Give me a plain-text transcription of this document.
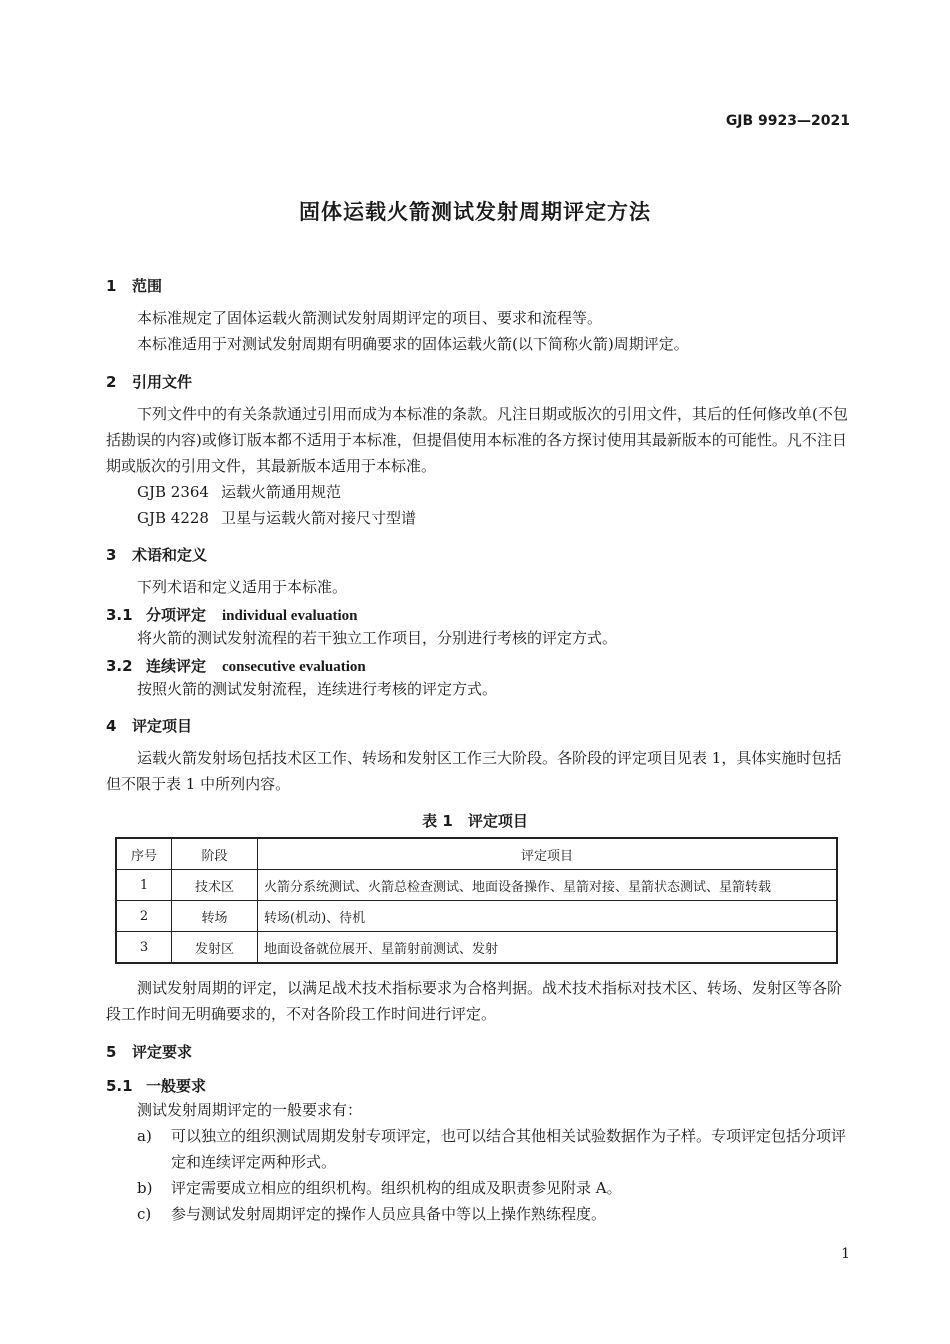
GJB 9923—2021
固体运载火箭测试发射周期评定方法
1 范围
本标准规定了固体运载火箭测试发射周期评定的项目、要求和流程等。
本标准适用于对测试发射周期有明确要求的固体运载火箭(以下简称火箭)周期评定。
2 引用文件
下列文件中的有关条款通过引用而成为本标准的条款。凡注日期或版次的引用文件，其后的任何修改单(不包括勘误的内容)或修订版本都不适用于本标准，但提倡使用本标准的各方探讨使用其最新版本的可能性。凡不注日期或版次的引用文件，其最新版本适用于本标准。
GJB 2364 运载火箭通用规范
GJB 4228 卫星与运载火箭对接尺寸型谱
3 术语和定义
下列术语和定义适用于本标准。
3.1 分项评定 individual evaluation
将火箭的测试发射流程的若干独立工作项目，分别进行考核的评定方式。
3.2 连续评定 consecutive evaluation
按照火箭的测试发射流程，连续进行考核的评定方式。
4 评定项目
运载火箭发射场包括技术区工作、转场和发射区工作三大阶段。各阶段的评定项目见表 1，具体实施时包括但不限于表 1 中所列内容。
表 1　评定项目
序号	阶段	评定项目
1	技术区	火箭分系统测试、火箭总检查测试、地面设备操作、星箭对接、星箭状态测试、星箭转载
2	转场	转场(机动)、待机
3	发射区	地面设备就位展开、星箭射前测试、发射
测试发射周期的评定，以满足战术技术指标要求为合格判据。战术技术指标对技术区、转场、发射区等各阶段工作时间无明确要求的，不对各阶段工作时间进行评定。
5 评定要求
5.1 一般要求
测试发射周期评定的一般要求有：
a) 可以独立的组织测试周期发射专项评定，也可以结合其他相关试验数据作为子样。专项评定包括分项评定和连续评定两种形式。
b) 评定需要成立相应的组织机构。组织机构的组成及职责参见附录 A。
c) 参与测试发射周期评定的操作人员应具备中等以上操作熟练程度。
1
